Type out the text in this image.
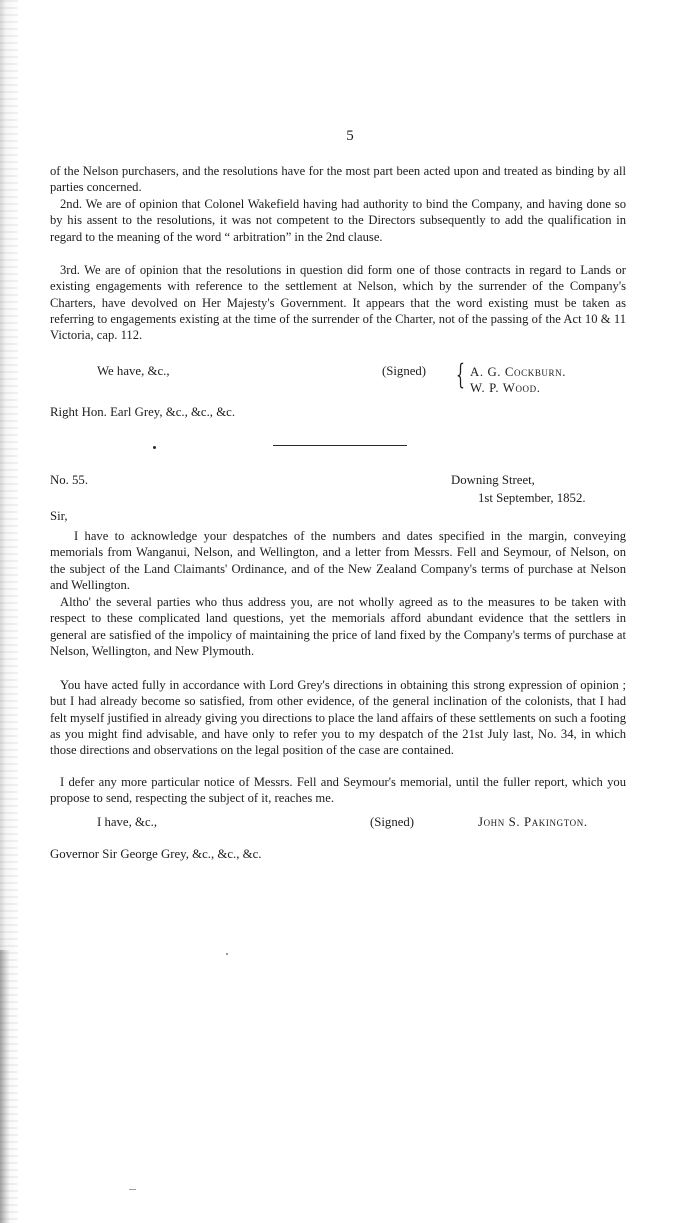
5

of the Nelson purchasers, and the resolutions have for the most part been acted upon and treated as binding by all parties concerned.

2nd. We are of opinion that Colonel Wakefield having had authority to bind the Company, and having done so by his assent to the resolutions, it was not competent to the Directors subsequently to add the qualification in regard to the meaning of the word “ arbitration” in the 2nd clause.

3rd. We are of opinion that the resolutions in question did form one of those contracts in regard to Lands or existing engagements with reference to the settlement at Nelson, which by the surrender of the Company's Charters, have devolved on Her Majesty's Government. It appears that the word existing must be taken as referring to engagements existing at the time of the surrender of the Charter, not of the passing of the Act 10 & 11 Victoria, cap. 112.

We have, &c.,	(Signed) { A. G. Cockburn.

W. P. Wood.

Right Hon. Earl Grey, &c., &c., &c.

No. 55.	Downing Street,

1st September, 1852.

Sir,

I have to acknowledge your despatches of the numbers and dates specified in the margin, conveying memorials from Wanganui, Nelson, and Wellington, and a letter from Messrs. Fell and Seymour, of Nelson, on the subject of the Land Claimants' Ordinance, and of the New Zealand Company's terms of purchase at Nelson and Wellington.

Altho' the several parties who thus address you, are not wholly agreed as to the measures to be taken with respect to these complicated land questions, yet the memorials afford abundant evidence that the settlers in general are satisfied of the impolicy of maintaining the price of land fixed by the Company's terms of purchase at Nelson, Wellington, and New Plymouth.

You have acted fully in accordance with Lord Grey's directions in obtaining this strong expression of opinion ; but I had already become so satisfied, from other evidence, of the general inclination of the colonists, that I had felt myself justified in already giving you directions to place the land affairs of these settlements on such a footing as you might find advisable, and have only to refer you to my despatch of the 21st July last, No. 34, in which those directions and observations on the legal position of the case are contained.

I defer any more particular notice of Messrs. Fell and Seymour's memorial, until the fuller report, which you propose to send, respecting the subject of it, reaches me.

I have, &c.,	(Signed)	John S. Pakington.

Governor Sir George Grey, &c., &c., &c.
